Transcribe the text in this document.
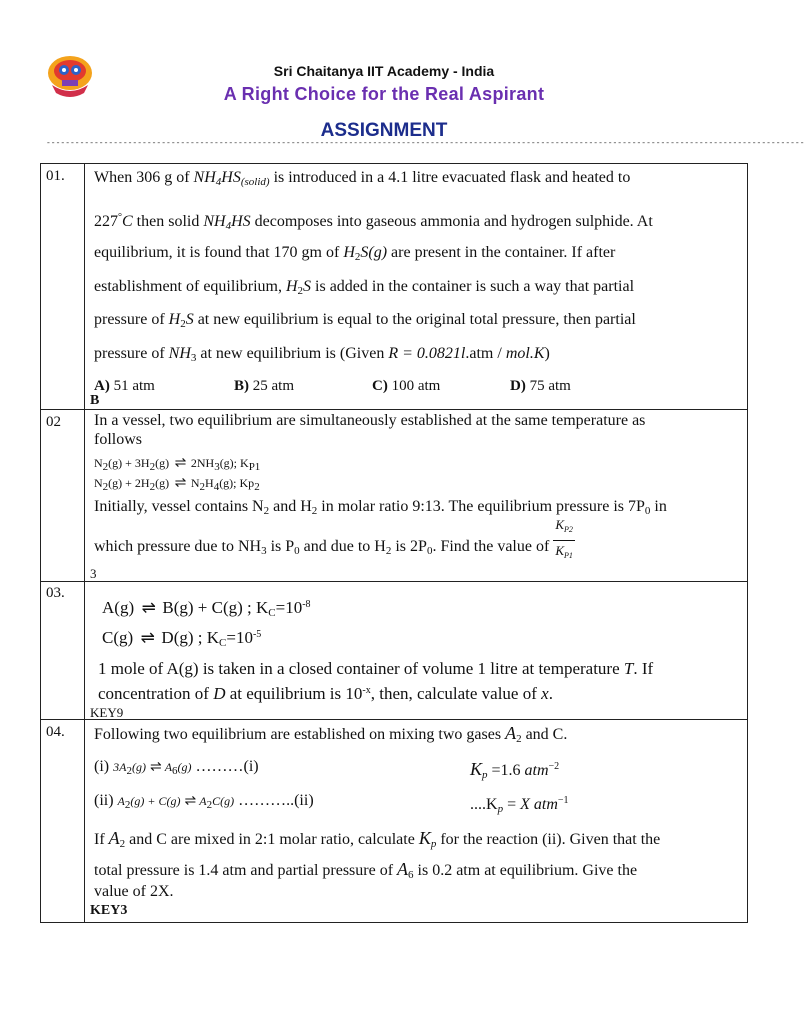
Sri Chaitanya IIT Academy - India
A Right Choice for the Real Aspirant
ASSIGNMENT
--------------------------------------------------------------------------------------------------------------------------------------------------------------
01. When 306 g of $NH_4HS_{(solid)}$ is introduced in a 4.1 litre evacuated flask and heated to
227°C then solid $NH_4HS$ decomposes into gaseous ammonia and hydrogen sulphide. At
equilibrium, it is found that 170 gm of $H_2S(g)$ are present in the container. If after
establishment of equilibrium, $H_2S$ is added in the container is such a way that partial
pressure of $H_2S$ at new equilibrium is equal to the original total pressure, then partial
pressure of $NH_3$ at new equilibrium is (Given R = 0.0821l.atm / mol.K)
A) 51 atm	B) 25 atm	C) 100 atm	D) 75 atm
B
02 In a vessel, two equilibrium are simultaneously established at the same temperature as
follows
N2(g) + 3H2(g)  ⇌  2NH3(g); KP1
N2(g) + 2H2(g)  ⇌  N2H4(g); Kp2
Initially, vessel contains $N_2$ and $H_2$ in molar ratio 9:13. The equilibrium pressure is $7P_0$ in
which pressure due to $NH_3$ is $P_0$ and due to $H_2$ is $2P_0$. Find the value of $\frac{K_{P2}}{K_{P1}}$
3
03.
A(g)  ⇌  B(g) + C(g) ; $K_C=10^{-8}$
C(g)  ⇌  D(g) ; $K_C=10^{-5}$
1 mole of A(g) is taken in a closed container of volume 1 litre at temperature T. If
concentration of D at equilibrium is $10^{-x}$, then, calculate value of x.
KEY9
04. Following two equilibrium are established on mixing two gases $A_2$ and C.
(i) $3A_2(g)$ ⇌ $A_6(g)$ ………(i)	$K_p =1.6$ atm$^{-2}$
(ii) $A_2(g) + C(g)$ ⇌ $A_2C(g)$ ………..(ii)	$....K_p = X$ atm$^{-1}$
If $A_2$ and C are mixed in 2:1 molar ratio, calculate $K_p$ for the reaction (ii). Given that the
total pressure is 1.4 atm and partial pressure of $A_6$ is 0.2 atm at equilibrium. Give the
value of 2X.
KEY3
